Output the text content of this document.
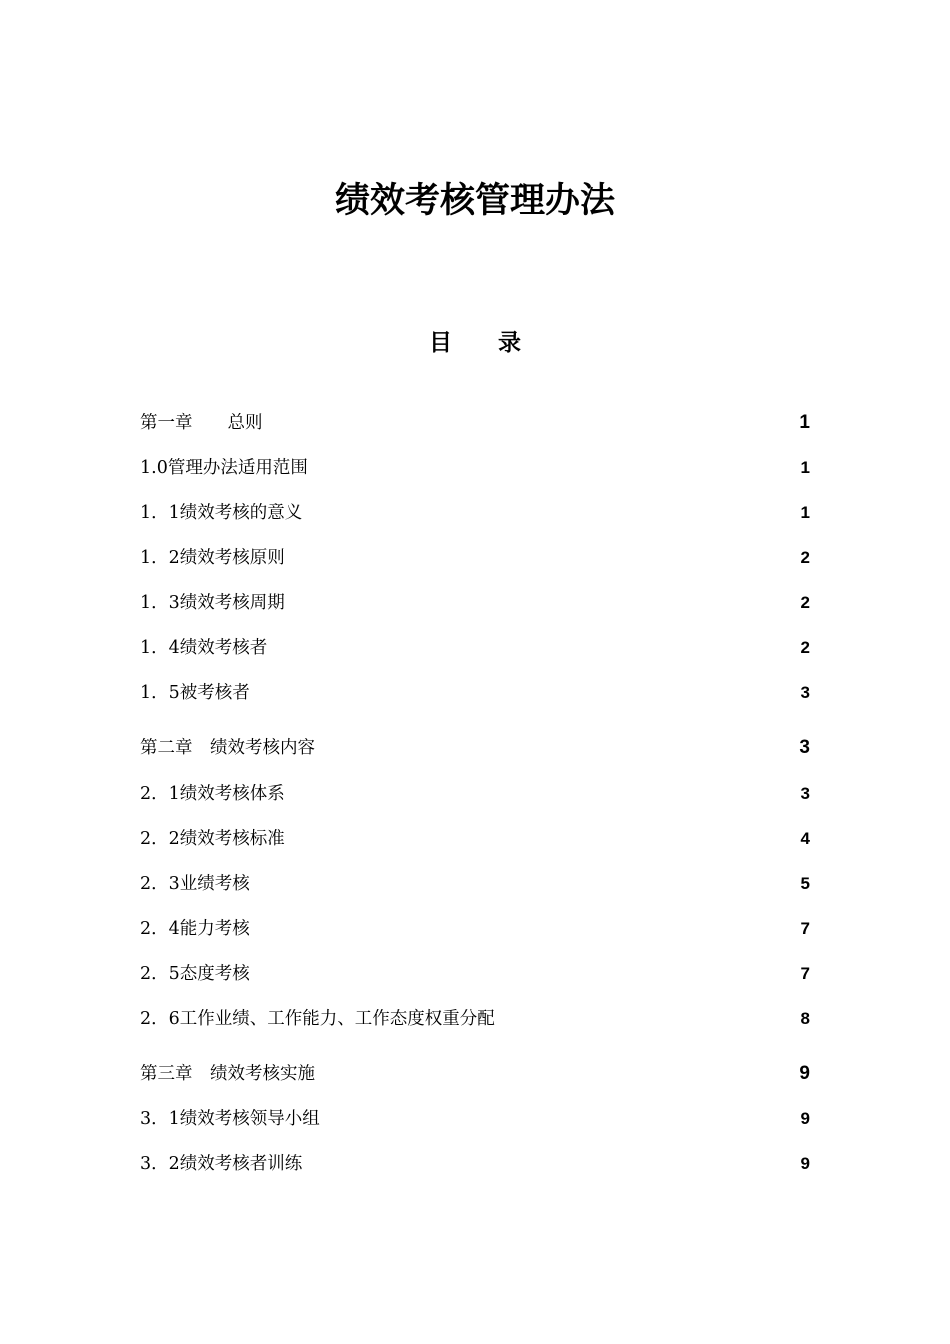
绩效考核管理办法
目　　录
第一章　　总则	1
1.0管理办法适用范围	1
1．1绩效考核的意义	1
1．2绩效考核原则	2
1．3绩效考核周期	2
1．4绩效考核者	2
1．5被考核者	3
第二章　绩效考核内容	3
2．1绩效考核体系	3
2．2绩效考核标准	4
2．3业绩考核	5
2．4能力考核	7
2．5态度考核	7
2．6工作业绩、工作能力、工作态度权重分配	8
第三章　绩效考核实施	9
3．1绩效考核领导小组	9
3．2绩效考核者训练	9
